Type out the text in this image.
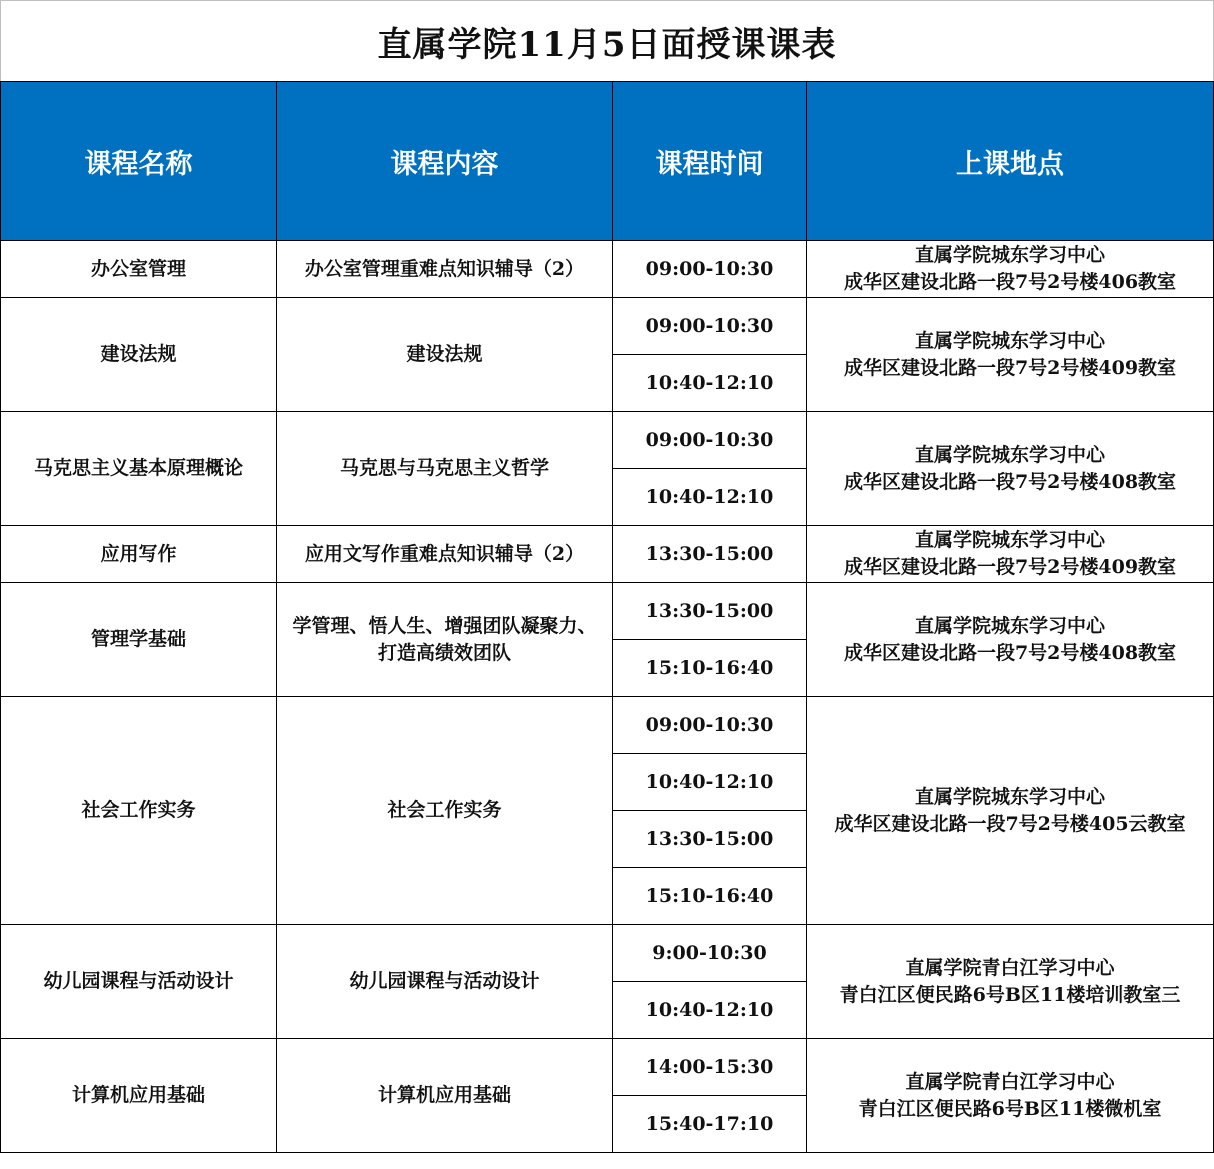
直属学院11月5日面授课课表
课程名称	课程内容	课程时间	上课地点
办公室管理	办公室管理重难点知识辅导（2）	09:00-10:30	直属学院城东学习中心
成华区建设北路一段7号2号楼406教室

建设法规	建设法规	09:00-10:30	直属学院城东学习中心
成华区建设北路一段7号2号楼409教室

		10:40-12:10	
马克思主义基本原理概论	马克思与马克思主义哲学	09:00-10:30	直属学院城东学习中心
成华区建设北路一段7号2号楼408教室

		10:40-12:10	
应用写作	应用文写作重难点知识辅导（2）	13:30-15:00	直属学院城东学习中心
成华区建设北路一段7号2号楼409教室

管理学基础	学管理、悟人生、增强团队凝聚力、
打造高绩效团队	13:30-15:00	直属学院城东学习中心
成华区建设北路一段7号2号楼408教室

		15:10-16:40	
社会工作实务	社会工作实务	09:00-10:30	直属学院城东学习中心
成华区建设北路一段7号2号楼405云教室

		10:40-12:10	
		13:30-15:00	
		15:10-16:40	
幼儿园课程与活动设计	幼儿园课程与活动设计	9:00-10:30	直属学院青白江学习中心
青白江区便民路6号B区11楼培训教室三

		10:40-12:10	
计算机应用基础	计算机应用基础	14:00-15:30	直属学院青白江学习中心
青白江区便民路6号B区11楼微机室

		15:40-17:10	
